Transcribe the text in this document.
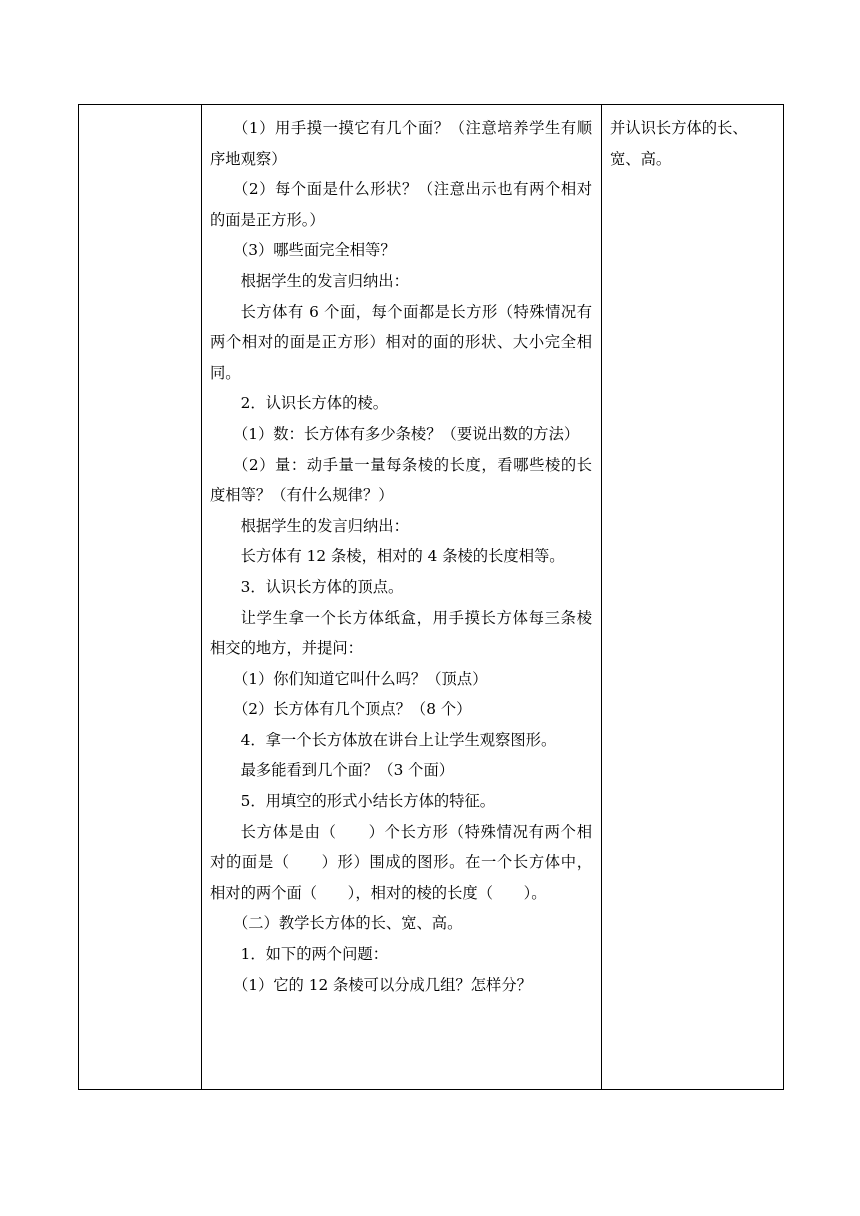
（1）用手摸一摸它有几个面？（注意培养学生有顺序地观察）

（2）每个面是什么形状？（注意出示也有两个相对的面是正方形。）

（3）哪些面完全相等？

根据学生的发言归纳出：

长方体有 6 个面，每个面都是长方形（特殊情况有两个相对的面是正方形）相对的面的形状、大小完全相同。

2．认识长方体的棱。

（1）数：长方体有多少条棱？（要说出数的方法）

（2）量：动手量一量每条棱的长度，看哪些棱的长度相等？（有什么规律？）

根据学生的发言归纳出：

长方体有 12 条棱，相对的 4 条棱的长度相等。

3．认识长方体的顶点。

让学生拿一个长方体纸盒，用手摸长方体每三条棱相交的地方，并提问：

（1）你们知道它叫什么吗？（顶点）

（2）长方体有几个顶点？（8 个）

4．拿一个长方体放在讲台上让学生观察图形。

最多能看到几个面？（3 个面）

5．用填空的形式小结长方体的特征。

长方体是由（　　）个长方形（特殊情况有两个相对的面是（　　）形）围成的图形。在一个长方体中，相对的两个面（　　），相对的棱的长度（　　）。

（二）教学长方体的长、宽、高。

1．如下的两个问题：

（1）它的 12 条棱可以分成几组？怎样分？

并认识长方体的长、宽、高。
